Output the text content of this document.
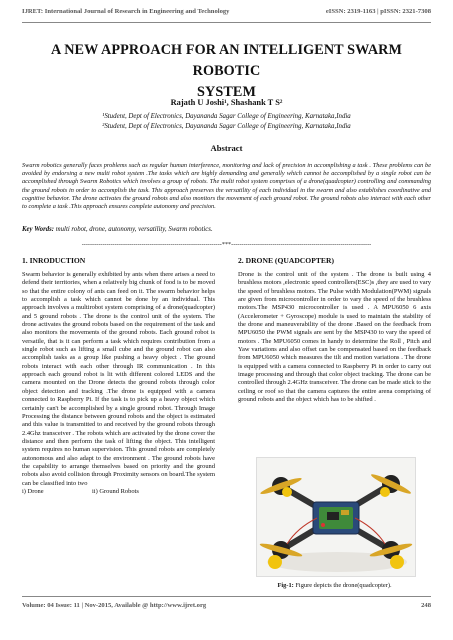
IJRET: International Journal of Research in Engineering and Technology	eISSN: 2319-1163 | pISSN: 2321-7308
A NEW APPROACH FOR AN INTELLIGENT SWARM ROBOTIC
SYSTEM
Rajath U Joshi¹, Shashank T S²
¹Student, Dept of Electronics, Dayananda Sagar College of Engineering, Karnataka,India
²Student, Dept of Electronics, Dayananda Sagar College of Engineering, Karnataka,India
Abstract

Swarm robotics generally faces problems such as regular human interference, monitoring and lack of precision in accomplishing a task . These problems can be avoided by endorsing a new multi robot system .The tasks which are highly demanding and generally which cannot be accomplished by a single robot can be accomplished through Swarm Robotics which involves a group of robots. The multi robot system comprises of a drone(quadcopter) controlling and commanding the ground robots in order to accomplish the task. This approach preserves the versatility of each individual in the swarm and also establishes coordinative and cognitive behavior. The drone activates the ground robots and also monitors the movement of each ground robot. The ground robots also interact with each other to complete a task .This approach ensures complete autonomy and precision.

Key Words: multi robot, drone, autonomy, versatility, Swarm robotics.
--------------------------------------------------------------------***--------------------------------------------------------------------
1. INRODUCTION

Swarm behavior is generally exhibited by ants when there arises a need to defend their territories, when a relatively big chunk of food is to be moved so that the entire colony of ants can feed on it. The swarm behavior helps to accomplish a task which cannot be done by an individual. This approach involves a multirobot system comprising of a drone(quadcopter) and 5 ground robots . The drone is the control unit of the system. The drone activates the ground robots based on the requirement of the task and also monitors the movements of the ground robots. Each ground robot is versatile, that is it can perform a task which requires contribution from a single robot such as lifting a small cube and the ground robot can also accomplish tasks as a group like pushing a heavy object . The ground robots interact with each other through IR communication . In this approach each ground robot is lit with different colored LEDS and the camera mounted on the Drone detects the ground robots through color object detection and tracking .The drone is equipped with a camera connected to Raspberry Pi. If the task is to pick up a heavy object which certainly can't be accomplished by a single ground robot. Through Image Processing the distance between ground robots and the object is estimated and this value is transmitted to and received by the ground robots through 2.4Ghz transceiver . The robots which are activated by the drone cover the distance and then perform the task of lifting the object. This intelligent system requires no human supervision. This ground robots are completely autonomous and also adapt to the environment . The ground robots have the capability to arrange themselves based on priority and the ground robots also avoid collision through Proximity sensors on board.The system can be classified into two

i) Drone	ii) Ground Robots
2. DRONE (QUADCOPTER)

Drone is the control unit of the system . The drone is built using 4 brushless motors ,electronic speed controllers(ESC)s ,they are used to vary the speed of brushless motors. The Pulse width Modulation(PWM) signals are given from microcontroller in order to vary the speed of the brushless motors.The MSP430 microcontroller is used . A MPU6050 6 axis (Accelerometer + Gyroscope) module is used to maintain the stability of the drone and maneuverability of the drone .Based on the feedback from MPU6050 the PWM signals are sent by the MSP430 to vary the speed of motors . The MPU6050 comes in handy to determine the Roll , Pitch and Yaw variations and also offset can be compensated based on the feedback from MPU6050 which measures the tilt and motion variations . The drone is equipped with a camera connected to Raspberry Pi in order to carry out image processing and through that color object tracking. The drone can be controlled through 2.4GHz transceiver. The drone can be made stick to the ceiling or roof so that the camera captures the entire arena comprising of ground robots and the object which has to be shifted .

Fig-1: Figure depicts the drone(quadcopter).
Volume: 04 Issue: 11 | Nov-2015, Available @ http://www.ijret.org	248
